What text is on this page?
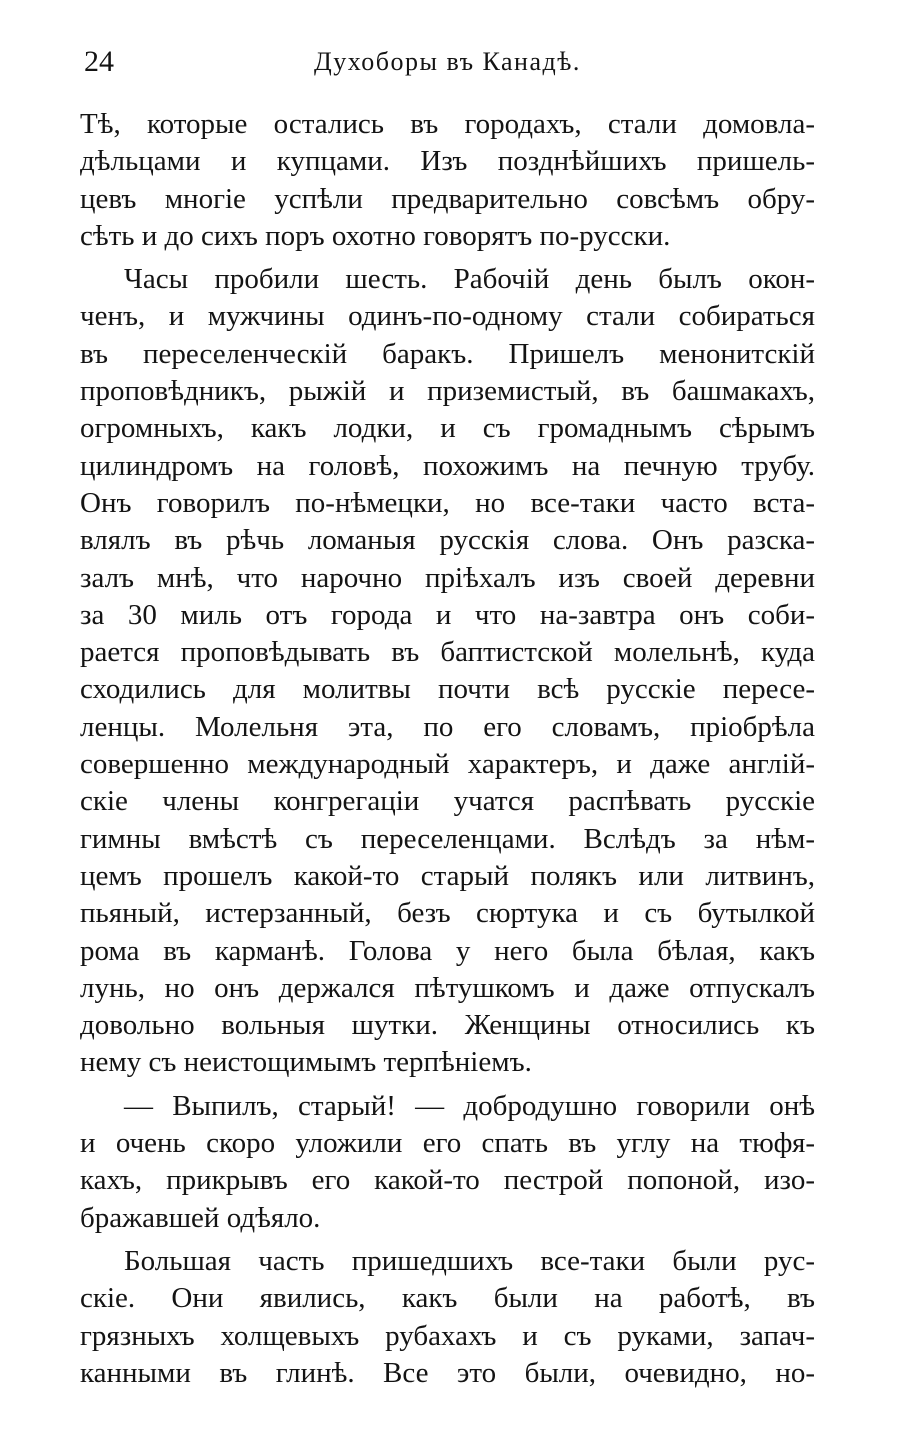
24	Духоборы въ Канадѣ.
Тѣ, которые остались въ городахъ, стали домовла-
дѣльцами и купцами. Изъ позднѣйшихъ пришель-
цевъ многіе успѣли предварительно совсѣмъ обру-
сѣть и до сихъ поръ охотно говорятъ по-русски.
Часы пробили шесть. Рабочій день былъ окон-
ченъ, и мужчины одинъ-по-одному стали собираться
въ переселенческій баракъ. Пришелъ менонитскій
проповѣдникъ, рыжій и приземистый, въ башмакахъ,
огромныхъ, какъ лодки, и съ громаднымъ сѣрымъ
цилиндромъ на головѣ, похожимъ на печную трубу.
Онъ говорилъ по-нѣмецки, но все-таки часто вста-
влялъ въ рѣчь ломаныя русскія слова. Онъ разска-
залъ мнѣ, что нарочно пріѣхалъ изъ своей деревни
за 30 миль отъ города и что на-завтра онъ соби-
рается проповѣдывать въ баптистской молельнѣ, куда
сходились для молитвы почти всѣ русскіе пересе-
ленцы. Молельня эта, по его словамъ, пріобрѣла
совершенно международный характеръ, и даже англій-
скіе члены конгрегаціи учатся распѣвать русскіе
гимны вмѣстѣ съ переселенцами. Вслѣдъ за нѣм-
цемъ прошелъ какой-то старый полякъ или литвинъ,
пьяный, истерзанный, безъ сюртука и съ бутылкой
рома въ карманѣ. Голова у него была бѣлая, какъ
лунь, но онъ держался пѣтушкомъ и даже отпускалъ
довольно вольныя шутки. Женщины относились къ
нему съ неистощимымъ терпѣніемъ.
— Выпилъ, старый! — добродушно говорили онѣ
и очень скоро уложили его спать въ углу на тюфя-
кахъ, прикрывъ его какой-то пестрой попоной, изо-
бражавшей одѣяло.
Большая часть пришедшихъ все-таки были рус-
скіе. Они явились, какъ были на работѣ, въ
грязныхъ холщевыхъ рубахахъ и съ руками, запач-
канными въ глинѣ. Все это были, очевидно, но-
